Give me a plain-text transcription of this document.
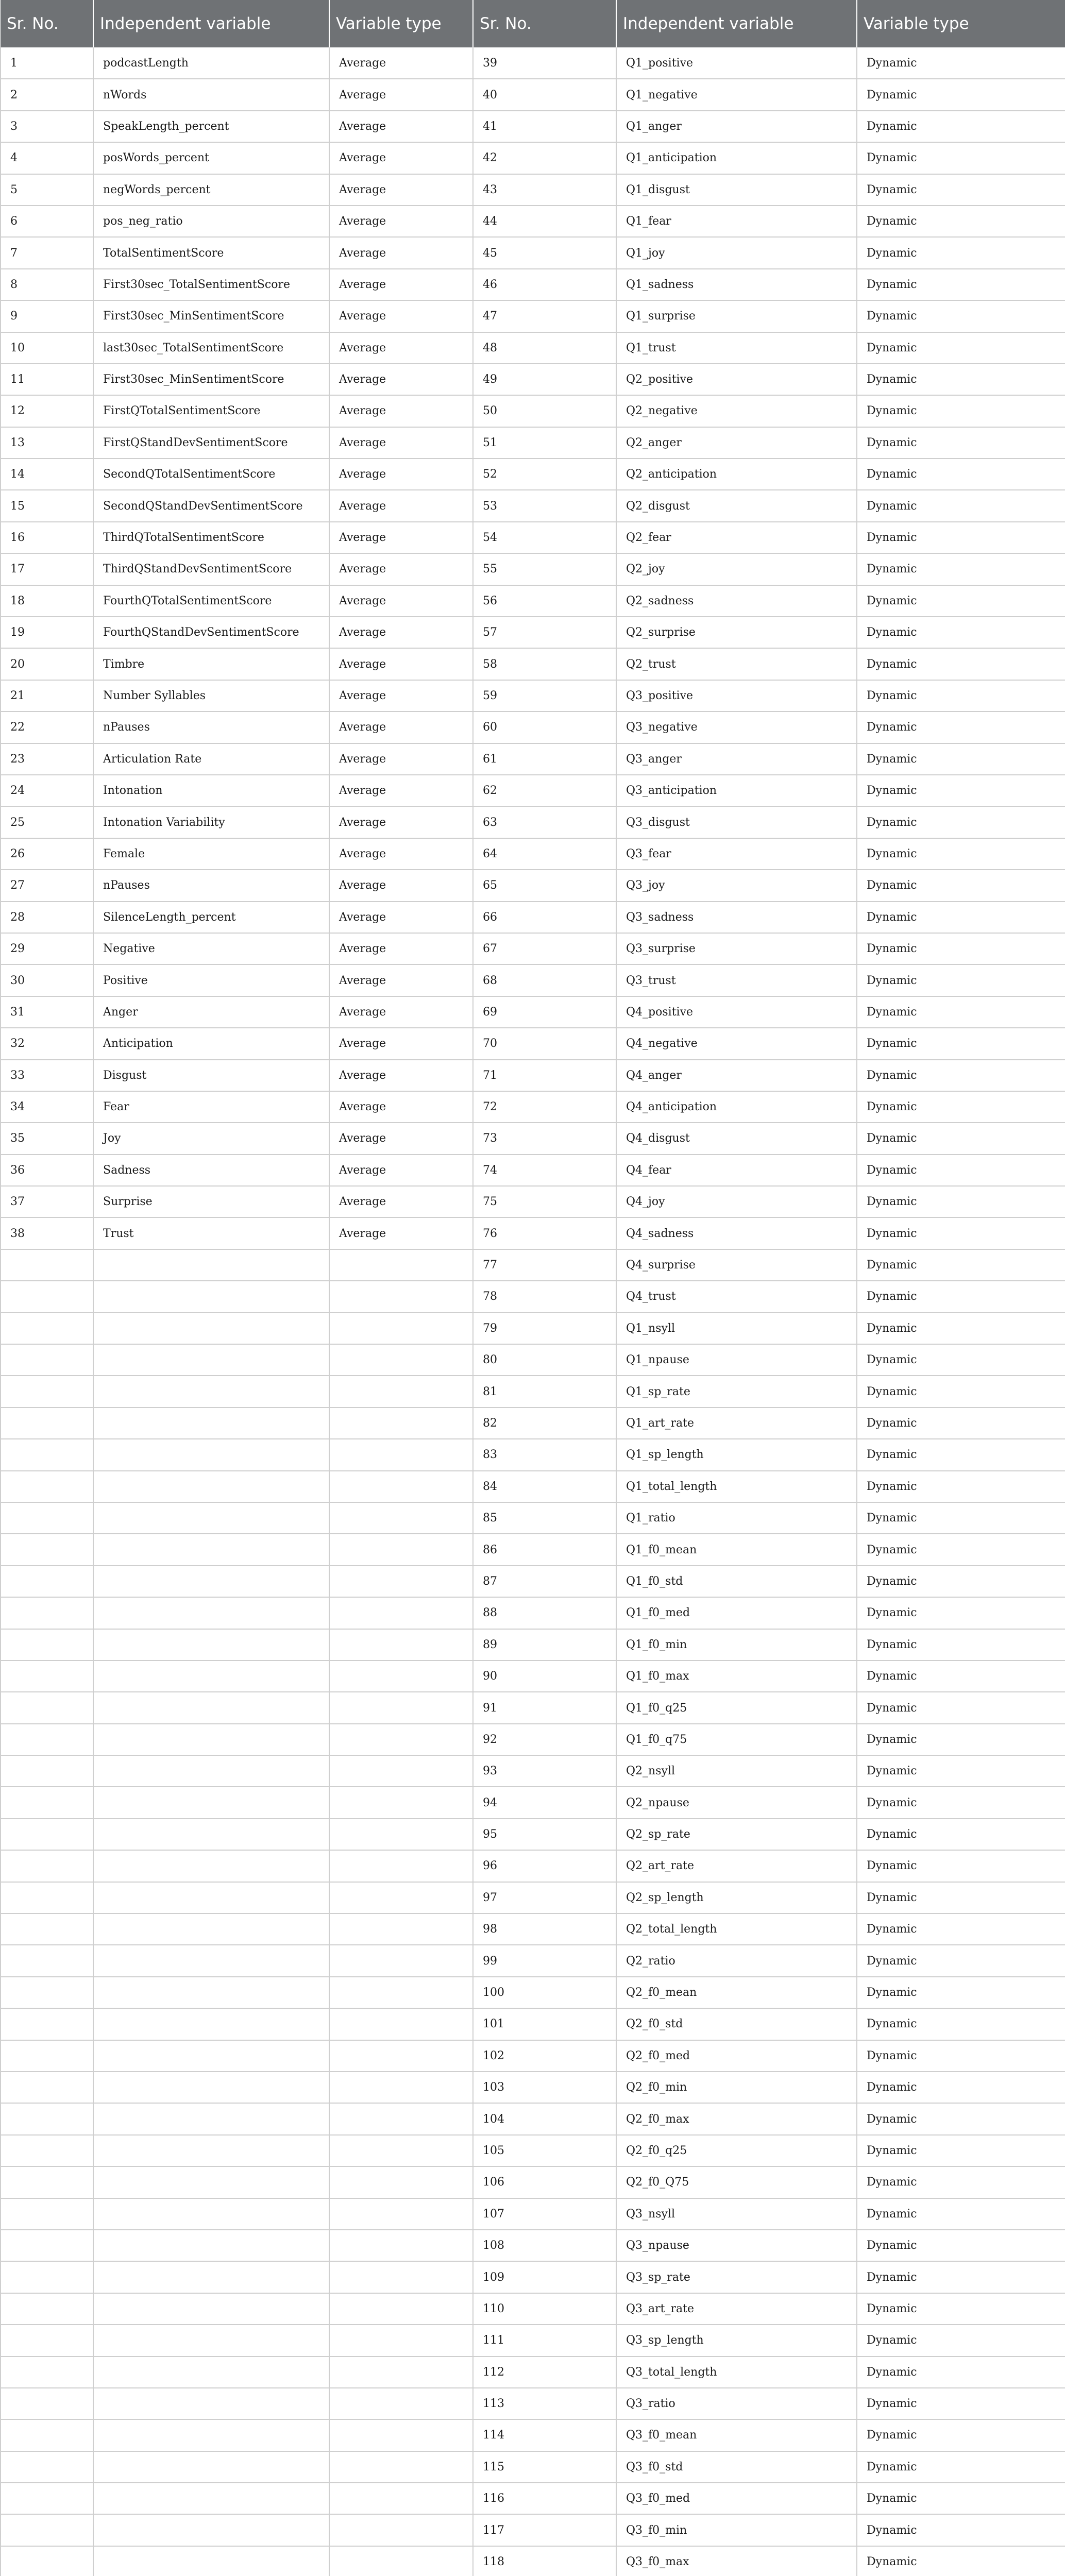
Sr. No.	Independent variable	Variable type	Sr. No.	Independent variable	Variable type
1	podcastLength	Average	39	Q1_positive	Dynamic
2	nWords	Average	40	Q1_negative	Dynamic
3	SpeakLength_percent	Average	41	Q1_anger	Dynamic
4	posWords_percent	Average	42	Q1_anticipation	Dynamic
5	negWords_percent	Average	43	Q1_disgust	Dynamic
6	pos_neg_ratio	Average	44	Q1_fear	Dynamic
7	TotalSentimentScore	Average	45	Q1_joy	Dynamic
8	First30sec_TotalSentimentScore	Average	46	Q1_sadness	Dynamic
9	First30sec_MinSentimentScore	Average	47	Q1_surprise	Dynamic
10	last30sec_TotalSentimentScore	Average	48	Q1_trust	Dynamic
11	First30sec_MinSentimentScore	Average	49	Q2_positive	Dynamic
12	FirstQTotalSentimentScore	Average	50	Q2_negative	Dynamic
13	FirstQStandDevSentimentScore	Average	51	Q2_anger	Dynamic
14	SecondQTotalSentimentScore	Average	52	Q2_anticipation	Dynamic
15	SecondQStandDevSentimentScore	Average	53	Q2_disgust	Dynamic
16	ThirdQTotalSentimentScore	Average	54	Q2_fear	Dynamic
17	ThirdQStandDevSentimentScore	Average	55	Q2_joy	Dynamic
18	FourthQTotalSentimentScore	Average	56	Q2_sadness	Dynamic
19	FourthQStandDevSentimentScore	Average	57	Q2_surprise	Dynamic
20	Timbre	Average	58	Q2_trust	Dynamic
21	Number Syllables	Average	59	Q3_positive	Dynamic
22	nPauses	Average	60	Q3_negative	Dynamic
23	Articulation Rate	Average	61	Q3_anger	Dynamic
24	Intonation	Average	62	Q3_anticipation	Dynamic
25	Intonation Variability	Average	63	Q3_disgust	Dynamic
26	Female	Average	64	Q3_fear	Dynamic
27	nPauses	Average	65	Q3_joy	Dynamic
28	SilenceLength_percent	Average	66	Q3_sadness	Dynamic
29	Negative	Average	67	Q3_surprise	Dynamic
30	Positive	Average	68	Q3_trust	Dynamic
31	Anger	Average	69	Q4_positive	Dynamic
32	Anticipation	Average	70	Q4_negative	Dynamic
33	Disgust	Average	71	Q4_anger	Dynamic
34	Fear	Average	72	Q4_anticipation	Dynamic
35	Joy	Average	73	Q4_disgust	Dynamic
36	Sadness	Average	74	Q4_fear	Dynamic
37	Surprise	Average	75	Q4_joy	Dynamic
38	Trust	Average	76	Q4_sadness	Dynamic
			77	Q4_surprise	Dynamic
			78	Q4_trust	Dynamic
			79	Q1_nsyll	Dynamic
			80	Q1_npause	Dynamic
			81	Q1_sp_rate	Dynamic
			82	Q1_art_rate	Dynamic
			83	Q1_sp_length	Dynamic
			84	Q1_total_length	Dynamic
			85	Q1_ratio	Dynamic
			86	Q1_f0_mean	Dynamic
			87	Q1_f0_std	Dynamic
			88	Q1_f0_med	Dynamic
			89	Q1_f0_min	Dynamic
			90	Q1_f0_max	Dynamic
			91	Q1_f0_q25	Dynamic
			92	Q1_f0_q75	Dynamic
			93	Q2_nsyll	Dynamic
			94	Q2_npause	Dynamic
			95	Q2_sp_rate	Dynamic
			96	Q2_art_rate	Dynamic
			97	Q2_sp_length	Dynamic
			98	Q2_total_length	Dynamic
			99	Q2_ratio	Dynamic
			100	Q2_f0_mean	Dynamic
			101	Q2_f0_std	Dynamic
			102	Q2_f0_med	Dynamic
			103	Q2_f0_min	Dynamic
			104	Q2_f0_max	Dynamic
			105	Q2_f0_q25	Dynamic
			106	Q2_f0_Q75	Dynamic
			107	Q3_nsyll	Dynamic
			108	Q3_npause	Dynamic
			109	Q3_sp_rate	Dynamic
			110	Q3_art_rate	Dynamic
			111	Q3_sp_length	Dynamic
			112	Q3_total_length	Dynamic
			113	Q3_ratio	Dynamic
			114	Q3_f0_mean	Dynamic
			115	Q3_f0_std	Dynamic
			116	Q3_f0_med	Dynamic
			117	Q3_f0_min	Dynamic
			118	Q3_f0_max	Dynamic
